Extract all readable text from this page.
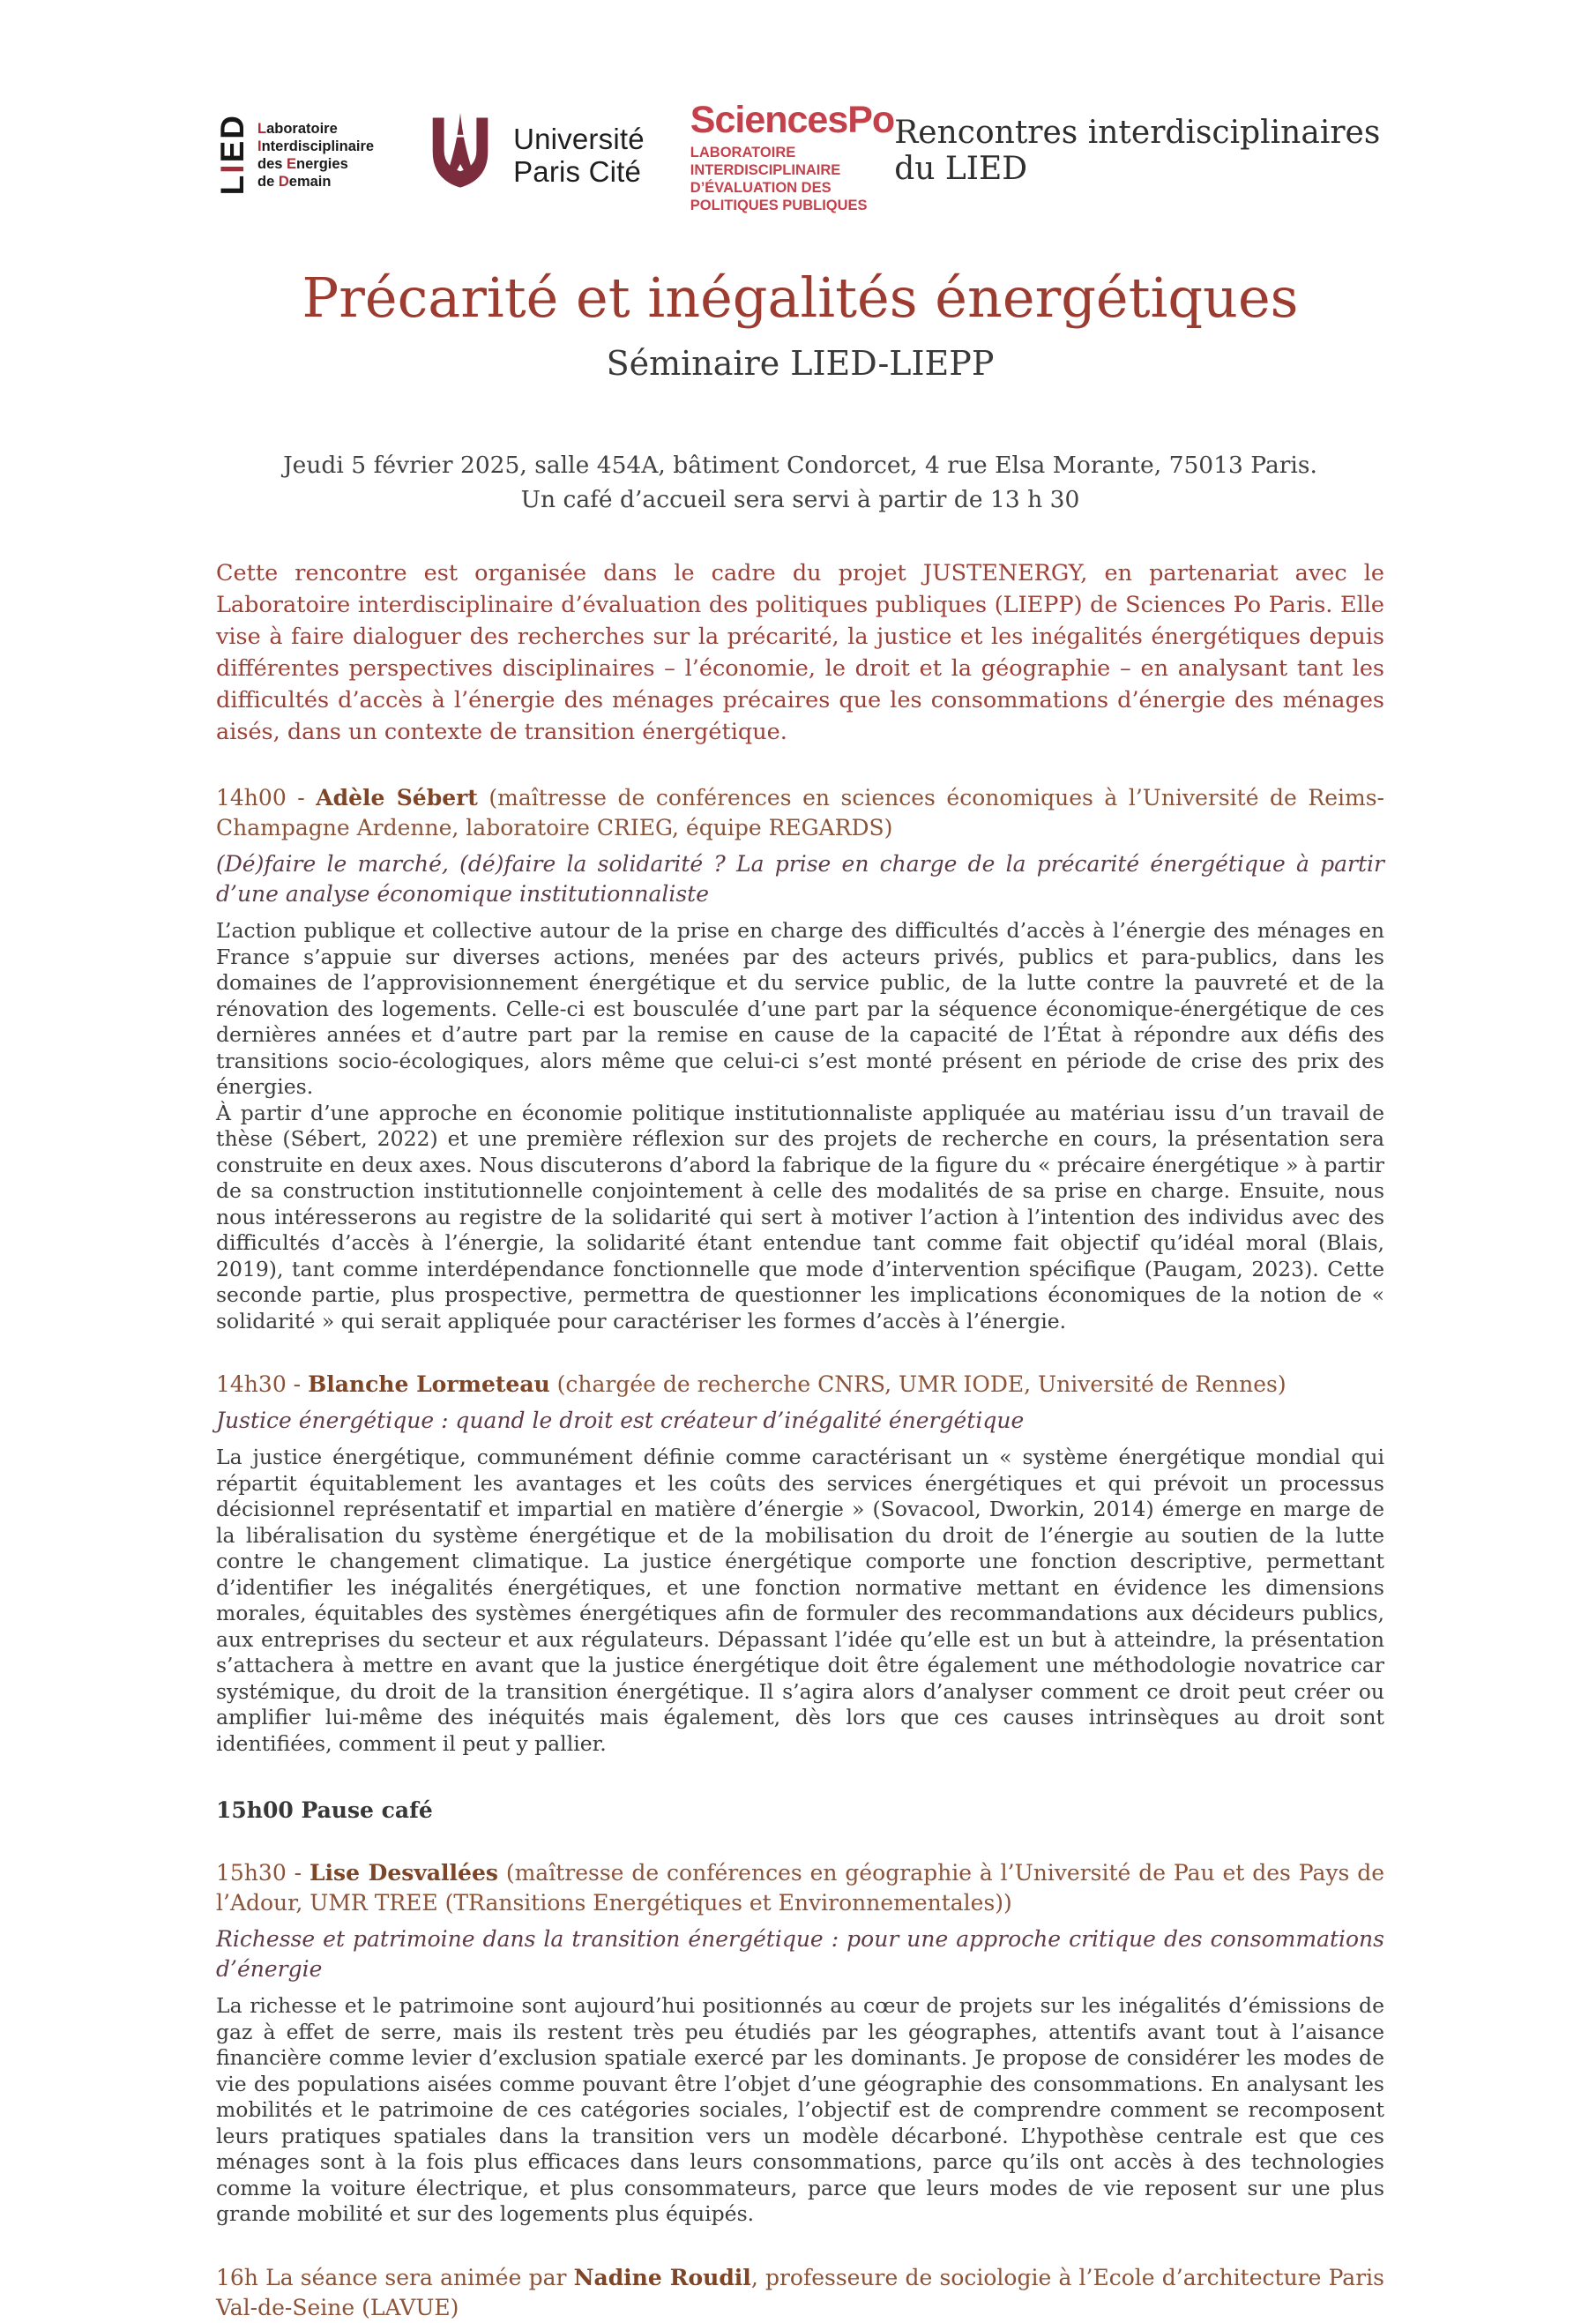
LIED Laboratoire
Interdisciplinaire
des Energies
de Demain
Université
Paris Cité
SciencesPo
LABORATOIRE INTERDISCIPLINAIRE
D’ÉVALUATION DES POLITIQUES PUBLIQUES
Rencontres interdisciplinaires du LIED
Précarité et inégalités énergétiques
Séminaire LIED-LIEPP
Jeudi 5 février 2025, salle 454A, bâtiment Condorcet, 4 rue Elsa Morante, 75013 Paris.
Un café d’accueil sera servi à partir de 13 h 30

Cette rencontre est organisée dans le cadre du projet JUSTENERGY, en partenariat avec le Laboratoire interdisciplinaire d’évaluation des politiques publiques (LIEPP) de Sciences Po Paris. Elle vise à faire dialoguer des recherches sur la précarité, la justice et les inégalités énergétiques depuis différentes perspectives disciplinaires – l’économie, le droit et la géographie – en analysant tant les difficultés d’accès à l’énergie des ménages précaires que les consommations d’énergie des ménages aisés, dans un contexte de transition énergétique.

14h00 - Adèle Sébert (maîtresse de conférences en sciences économiques à l’Université de Reims-Champagne Ardenne, laboratoire CRIEG, équipe REGARDS)
(Dé)faire le marché, (dé)faire la solidarité ? La prise en charge de la précarité énergétique à partir d’une analyse économique institutionnaliste

L’action publique et collective autour de la prise en charge des difficultés d’accès à l’énergie des ménages en France s’appuie sur diverses actions, menées par des acteurs privés, publics et para-publics, dans les domaines de l’approvisionnement énergétique et du service public, de la lutte contre la pauvreté et de la rénovation des logements. Celle-ci est bousculée d’une part par la séquence économique-énergétique de ces dernières années et d’autre part par la remise en cause de la capacité de l’État à répondre aux défis des transitions socio-écologiques, alors même que celui-ci s’est monté présent en période de crise des prix des énergies.

À partir d’une approche en économie politique institutionnaliste appliquée au matériau issu d’un travail de thèse (Sébert, 2022) et une première réflexion sur des projets de recherche en cours, la présentation sera construite en deux axes. Nous discuterons d’abord la fabrique de la figure du « précaire énergétique » à partir de sa construction institutionnelle conjointement à celle des modalités de sa prise en charge. Ensuite, nous nous intéresserons au registre de la solidarité qui sert à motiver l’action à l’intention des individus avec des difficultés d’accès à l’énergie, la solidarité étant entendue tant comme fait objectif qu’idéal moral (Blais, 2019), tant comme interdépendance fonctionnelle que mode d’intervention spécifique (Paugam, 2023). Cette seconde partie, plus prospective, permettra de questionner les implications économiques de la notion de « solidarité » qui serait appliquée pour caractériser les formes d’accès à l’énergie.

14h30 - Blanche Lormeteau (chargée de recherche CNRS, UMR IODE, Université de Rennes)
Justice énergétique : quand le droit est créateur d’inégalité énergétique

La justice énergétique, communément définie comme caractérisant un « système énergétique mondial qui répartit équitablement les avantages et les coûts des services énergétiques et qui prévoit un processus décisionnel représentatif et impartial en matière d’énergie » (Sovacool, Dworkin, 2014) émerge en marge de la libéralisation du système énergétique et de la mobilisation du droit de l’énergie au soutien de la lutte contre le changement climatique. La justice énergétique comporte une fonction descriptive, permettant d’identifier les inégalités énergétiques, et une fonction normative mettant en évidence les dimensions morales, équitables des systèmes énergétiques afin de formuler des recommandations aux décideurs publics, aux entreprises du secteur et aux régulateurs. Dépassant l’idée qu’elle est un but à atteindre, la présentation s’attachera à mettre en avant que la justice énergétique doit être également une méthodologie novatrice car systémique, du droit de la transition énergétique. Il s’agira alors d’analyser comment ce droit peut créer ou amplifier lui-même des inéquités mais également, dès lors que ces causes intrinsèques au droit sont identifiées, comment il peut y pallier.

15h00 Pause café
15h30 - Lise Desvallées (maîtresse de conférences en géographie à l’Université de Pau et des Pays de l’Adour, UMR TREE (TRansitions Energétiques et Environnementales))
Richesse et patrimoine dans la transition énergétique : pour une approche critique des consommations d’énergie

La richesse et le patrimoine sont aujourd’hui positionnés au cœur de projets sur les inégalités d’émissions de gaz à effet de serre, mais ils restent très peu étudiés par les géographes, attentifs avant tout à l’aisance financière comme levier d’exclusion spatiale exercé par les dominants. Je propose de considérer les modes de vie des populations aisées comme pouvant être l’objet d’une géographie des consommations. En analysant les mobilités et le patrimoine de ces catégories sociales, l’objectif est de comprendre comment se recomposent leurs pratiques spatiales dans la transition vers un modèle décarboné. L’hypothèse centrale est que ces ménages sont à la fois plus efficaces dans leurs consommations, parce qu’ils ont accès à des technologies comme la voiture électrique, et plus consommateurs, parce que leurs modes de vie reposent sur une plus grande mobilité et sur des logements plus équipés.

16h La séance sera animée par Nadine Roudil, professeure de sociologie à l’Ecole d’architecture Paris Val-de-Seine (LAVUE)
